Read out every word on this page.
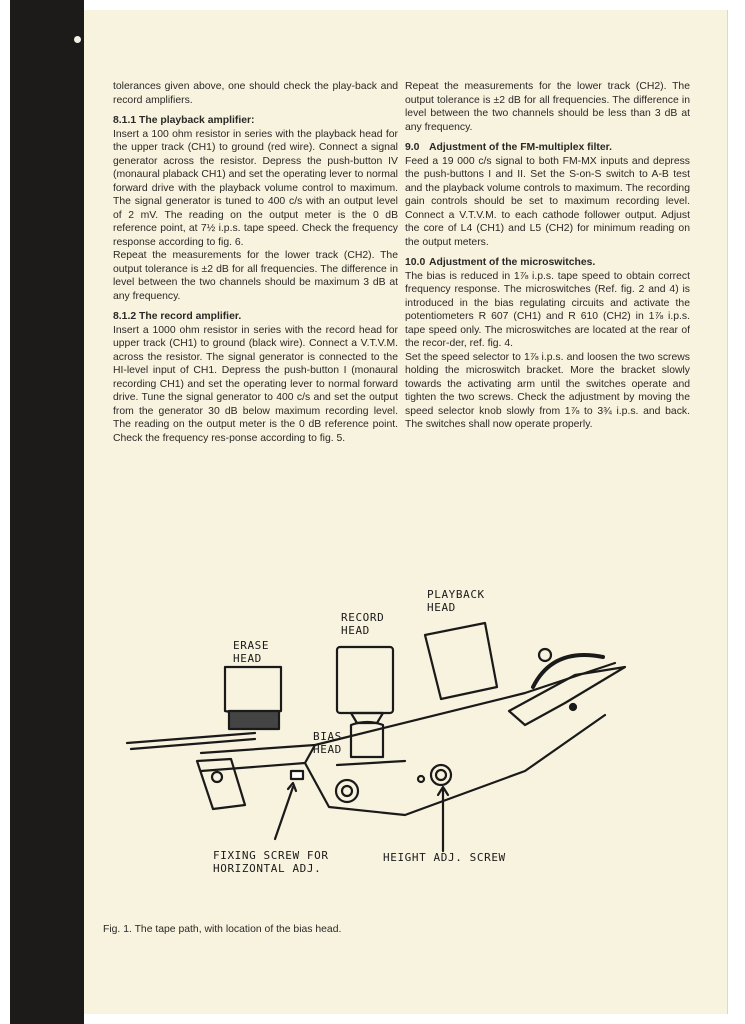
tolerances given above, one should check the play-back and record amplifiers.

8.1.1 The playback amplifier:

Insert a 100 ohm resistor in series with the playback head for the upper track (CH1) to ground (red wire). Connect a signal generator across the resistor. Depress the push-button IV (monaural plaback CH1) and set the operating lever to normal forward drive with the playback volume control to maximum. The signal generator is tuned to 400 c/s with an output level of 2 mV. The reading on the output meter is the 0 dB reference point, at 7½ i.p.s. tape speed. Check the frequency response according to fig. 6.

Repeat the measurements for the lower track (CH2). The output tolerance is ±2 dB for all frequencies. The difference in level between the two channels should be maximum 3 dB at any frequency.

8.1.2 The record amplifier.

Insert a 1000 ohm resistor in series with the record head for upper track (CH1) to ground (black wire). Connect a V.T.V.M. across the resistor. The signal generator is connected to the HI-level input of CH1. Depress the push-button I (monaural recording CH1) and set the operating lever to normal forward drive. Tune the signal generator to 400 c/s and set the output from the generator 30 dB below maximum recording level. The reading on the output meter is the 0 dB reference point. Check the frequency res-ponse according to fig. 5.

Repeat the measurements for the lower track (CH2). The output tolerance is ±2 dB for all frequencies. The difference in level between the two channels should be less than 3 dB at any frequency.

9.0 Adjustment of the FM-multiplex filter.

Feed a 19 000 c/s signal to both FM-MX inputs and depress the push-buttons I and II. Set the S-on-S switch to A-B test and the playback volume controls to maximum. The recording gain controls should be set to maximum recording level. Connect a V.T.V.M. to each cathode follower output. Adjust the core of L4 (CH1) and L5 (CH2) for minimum reading on the output meters.

10.0 Adjustment of the microswitches.

The bias is reduced in 1⅞ i.p.s. tape speed to obtain correct frequency response. The microswitches (Ref. fig. 2 and 4) is introduced in the bias regulating circuits and activate the potentiometers R 607 (CH1) and R 610 (CH2) in 1⅞ i.p.s. tape speed only. The microswitches are located at the rear of the recor-der, ref. fig. 4.

Set the speed selector to 1⅞ i.p.s. and loosen the two screws holding the microswitch bracket. More the bracket slowly towards the activating arm until the switches operate and tighten the two screws. Check the adjustment by moving the speed selector knob slowly from 1⅞ to 3¾ i.p.s. and back. The switches shall now operate properly.

ERASE
HEAD
RECORD
HEAD
PLAYBACK
HEAD
BIAS
HEAD
FIXING SCREW FOR
HORIZONTAL ADJ.
HEIGHT ADJ. SCREW
Fig. 1. The tape path, with location of the bias head.
